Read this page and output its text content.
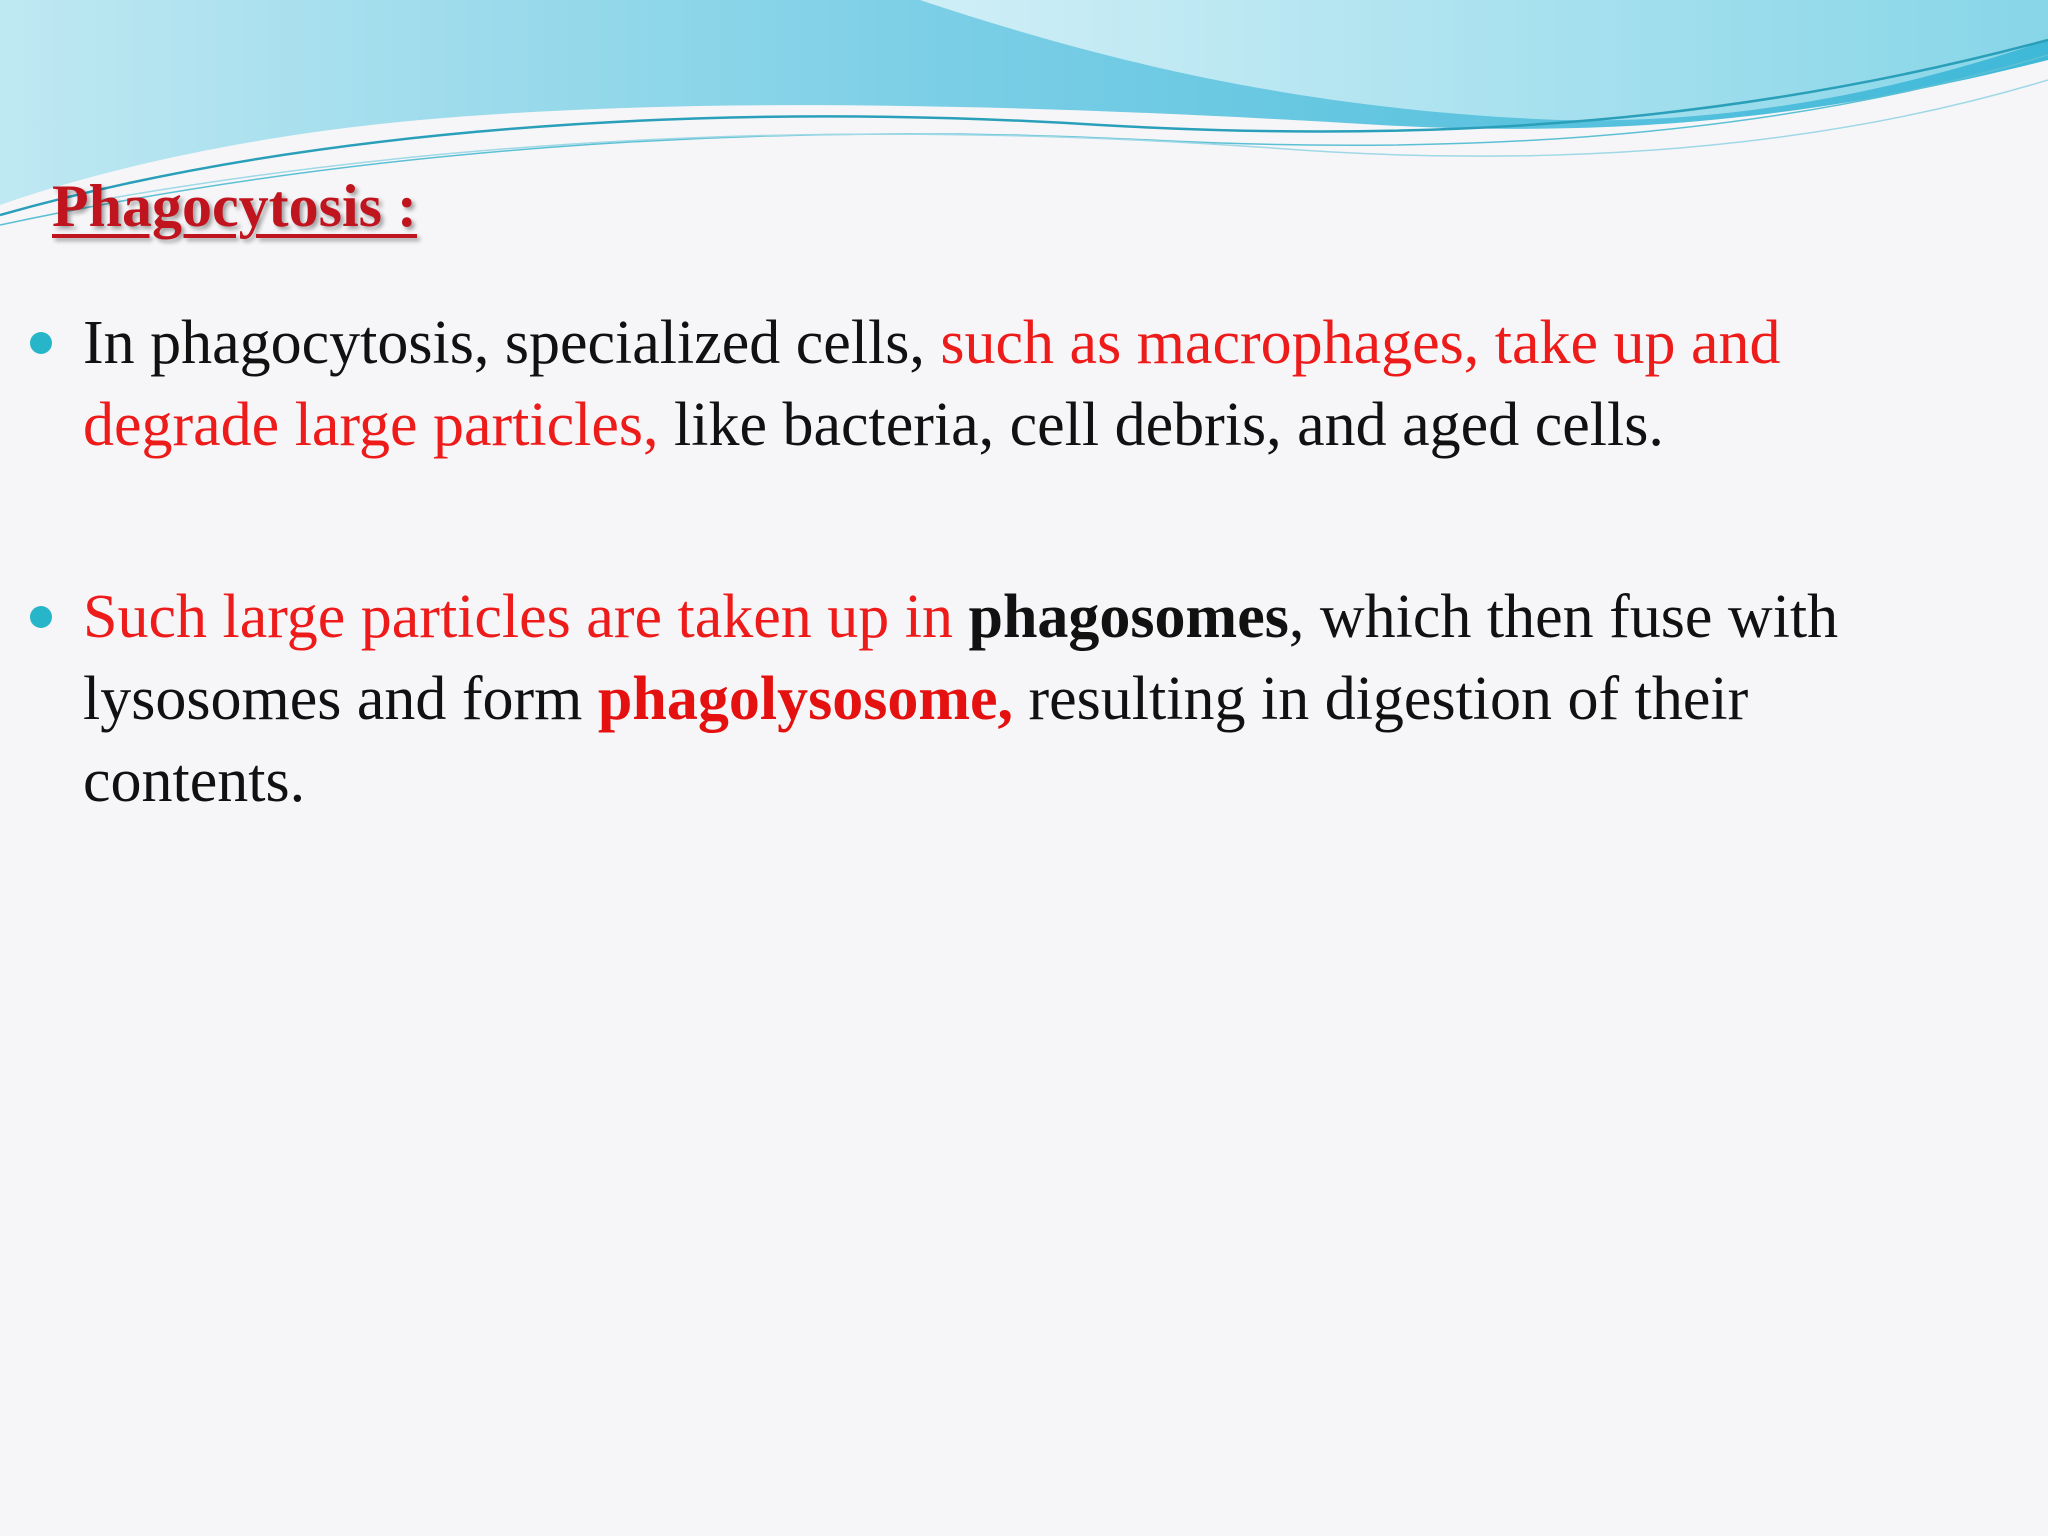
Phagocytosis :
In phagocytosis, specialized cells, such as macrophages, take up and degrade large particles, like bacteria, cell debris, and aged cells.
Such large particles are taken up in phagosomes, which then fuse with lysosomes and form phagolysosome, resulting in digestion of their contents.
